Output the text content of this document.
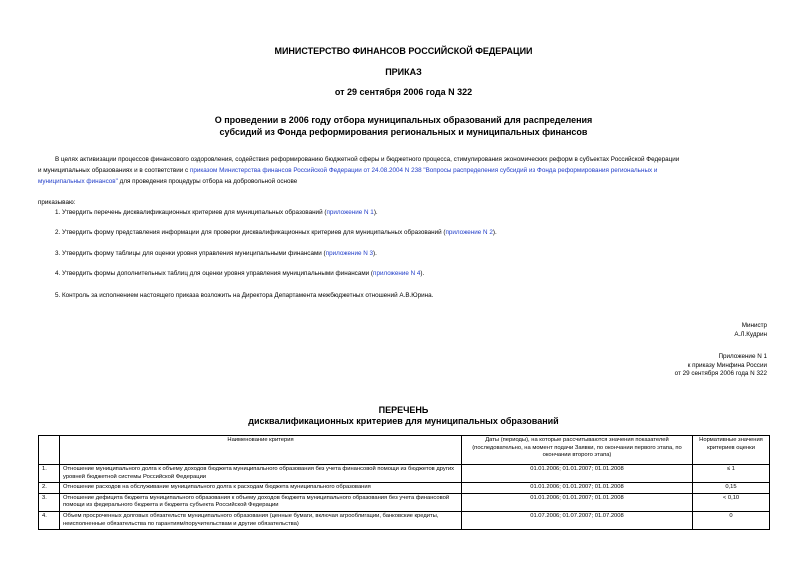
МИНИСТЕРСТВО ФИНАНСОВ РОССИЙСКОЙ ФЕДЕРАЦИИ
ПРИКАЗ
от 29 сентября 2006 года N 322
О проведении в 2006 году отбора муниципальных образований для распределения
субсидий из Фонда реформирования региональных и муниципальных финансов
В целях активизации процессов финансового оздоровления, содействия реформированию бюджетной сферы и бюджетного процесса, стимулирования экономических реформ в субъектах Российской Федерации
и муниципальных образованиях и в соответствии с приказом Министерства финансов Российской Федерации от 24.08.2004 N 238 "Вопросы распределения субсидий из Фонда реформирования региональных и
муниципальных финансов" для проведения процедуры отбора на добровольной основе
приказываю:
1. Утвердить перечень дисквалификационных критериев для муниципальных образований (приложение N 1).
2. Утвердить форму представления информации для проверки дисквалификационных критериев для муниципальных образований (приложение N 2).
3. Утвердить форму таблицы для оценки уровня управления муниципальными финансами (приложение N 3).
4. Утвердить формы дополнительных таблиц для оценки уровня управления муниципальными финансами (приложение N 4).
5. Контроль за исполнением настоящего приказа возложить на Директора Департамента межбюджетных отношений А.В.Юрина.
Министр
А.Л.Кудрин
Приложение N 1
к приказу Минфина России
от 29 сентября 2006 года N 322
ПЕРЕЧЕНЬ
дисквалификационных критериев для муниципальных образований
	Наименование критерия	Даты (периоды), на которые рассчитываются значения показателей (последовательно, на момент подачи Заявки, по окончании первого этапа, по окончании второго этапа)	Нормативные значения критериев оценки
1.	Отношение муниципального долга к объему доходов бюджета муниципального образования без учета финансовой помощи из бюджетов других уровней бюджетной системы Российской Федерации	01.01.2006; 01.01.2007; 01.01.2008	≤ 1
2.	Отношение расходов на обслуживание муниципального долга к расходам бюджета муниципального образования	01.01.2006; 01.01.2007; 01.01.2008	0,15
3.	Отношение дефицита бюджета муниципального образования к объему доходов бюджета муниципального образования без учета финансовой помощи из федерального бюджета и бюджета субъекта Российской Федерации	01.01.2006; 01.01.2007; 01.01.2008	< 0,10
4.	Объем просроченных долговых обязательств муниципального образования (ценные бумаги, включая агрооблигации, банковские кредиты, неисполненные обязательства по гарантиям/поручительствам и другие обязательства)	01.07.2006; 01.07.2007; 01.07.2008	0
